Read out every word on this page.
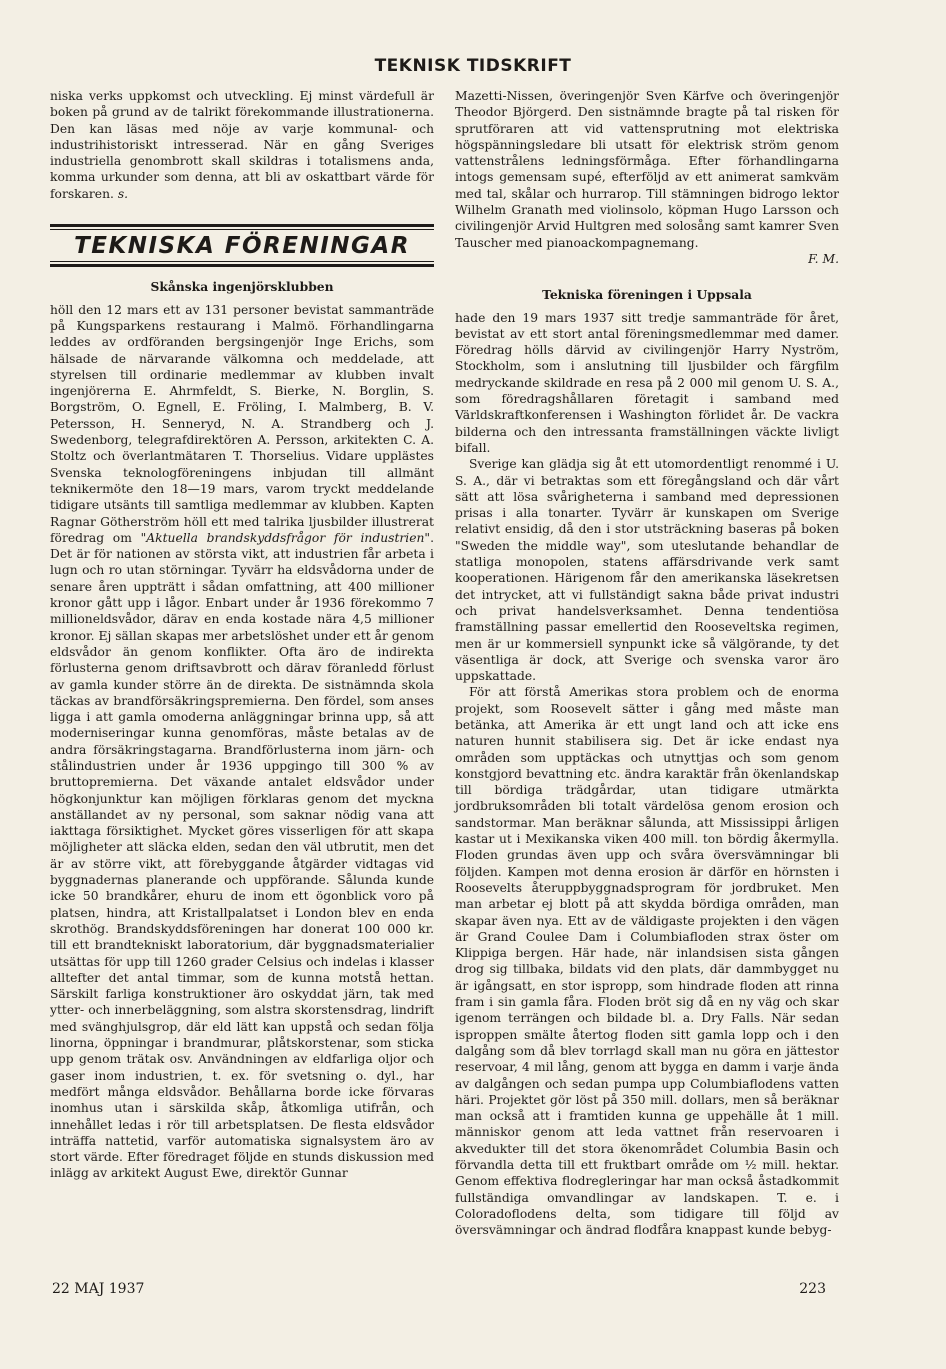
TEKNISK TIDSKRIFT

niska verks uppkomst och utveckling. Ej minst värdefull är boken på grund av de talrikt förekommande illustrationerna. Den kan läsas med nöje av varje kommunal- och industrihistoriskt intresserad. När en gång Sveriges industriella genombrott skall skildras i totalismens anda, komma urkunder som denna, att bli av oskattbart värde för forskaren. s.

TEKNISKA FÖRENINGAR
Skånska ingenjörsklubben

höll den 12 mars ett av 131 personer bevistat sammanträde på Kungsparkens restaurang i Malmö. Förhandlingarna leddes av ordföranden bergsingenjör Inge Erichs, som hälsade de närvarande välkomna och meddelade, att styrelsen till ordinarie medlemmar av klubben invalt ingenjörerna E. Ahrmfeldt, S. Bierke, N. Borglin, S. Borgström, O. Egnell, E. Fröling, I. Malmberg, B. V. Petersson, H. Senneryd, N. A. Strandberg och J. Swedenborg, telegrafdirektören A. Persson, arkitekten C. A. Stoltz och överlantmätaren T. Thorselius. Vidare upplästes Svenska teknologföreningens inbjudan till allmänt teknikermöte den 18—19 mars, varom tryckt meddelande tidigare utsänts till samtliga medlemmar av klubben. Kapten Ragnar Götherström höll ett med talrika ljusbilder illustrerat föredrag om "Aktuella brandskyddsfrågor för industrien". Det är för nationen av största vikt, att industrien får arbeta i lugn och ro utan störningar. Tyvärr ha eldsvådorna under de senare åren uppträtt i sådan omfattning, att 400 millioner kronor gått upp i lågor. Enbart under år 1936 förekommo 7 millioneldsvådor, därav en enda kostade nära 4,5 millioner kronor. Ej sällan skapas mer arbetslöshet under ett år genom eldsvådor än genom konflikter. Ofta äro de indirekta förlusterna genom driftsavbrott och därav föranledd förlust av gamla kunder större än de direkta. De sistnämnda skola täckas av brandförsäkringspremierna. Den fördel, som anses ligga i att gamla omoderna anläggningar brinna upp, så att moderniseringar kunna genomföras, måste betalas av de andra försäkringstagarna. Brandförlusterna inom järn- och stålindustrien under år 1936 uppgingo till 300 % av bruttopremierna. Det växande antalet eldsvådor under högkonjunktur kan möjligen förklaras genom det myckna anställandet av ny personal, som saknar nödig vana att iakttaga försiktighet. Mycket göres visserligen för att skapa möjligheter att släcka elden, sedan den väl utbrutit, men det är av större vikt, att förebyggande åtgärder vidtagas vid byggnadernas planerande och uppförande. Sålunda kunde icke 50 brandkårer, ehuru de inom ett ögonblick voro på platsen, hindra, att Kristallpalatset i London blev en enda skrothög. Brandskyddsföreningen har donerat 100 000 kr. till ett brandtekniskt laboratorium, där byggnadsmaterialier utsättas för upp till 1260 grader Celsius och indelas i klasser alltefter det antal timmar, som de kunna motstå hettan. Särskilt farliga konstruktioner äro oskyddat järn, tak med ytter- och innerbeläggning, som alstra skorstensdrag, lindrift med svänghjulsgrop, där eld lätt kan uppstå och sedan följa linorna, öppningar i brandmurar, plåtskorstenar, som sticka upp genom trätak osv. Användningen av eldfarliga oljor och gaser inom industrien, t. ex. för svetsning o. dyl., har medfört många eldsvådor. Behållarna borde icke förvaras inomhus utan i särskilda skåp, åtkomliga utifrån, och innehållet ledas i rör till arbetsplatsen. De flesta eldsvådor inträffa nattetid, varför automatiska signalsystem äro av stort värde. Efter föredraget följde en stunds diskussion med inlägg av arkitekt August Ewe, direktör Gunnar

Mazetti-Nissen, överingenjör Sven Kärfve och överingenjör Theodor Björgerd. Den sistnämnde bragte på tal risken för sprutföraren att vid vattensprutning mot elektriska högspänningsledare bli utsatt för elektrisk ström genom vattenstrålens ledningsförmåga. Efter förhandlingarna intogs gemensam supé, efterföljd av ett animerat samkväm med tal, skålar och hurrarop. Till stämningen bidrogo lektor Wilhelm Granath med violinsolo, köpman Hugo Larsson och civilingenjör Arvid Hultgren med solosång samt kamrer Sven Tauscher med pianoackompagnemang.

F. M.

Tekniska föreningen i Uppsala

hade den 19 mars 1937 sitt tredje sammanträde för året, bevistat av ett stort antal föreningsmedlemmar med damer. Föredrag hölls därvid av civilingenjör Harry Nyström, Stockholm, som i anslutning till ljusbilder och färgfilm medryckande skildrade en resa på 2 000 mil genom U. S. A., som föredragshållaren företagit i samband med Världskraftkonferensen i Washington förlidet år. De vackra bilderna och den intressanta framställningen väckte livligt bifall.

Sverige kan glädja sig åt ett utomordentligt renommé i U. S. A., där vi betraktas som ett föregångsland och där vårt sätt att lösa svårigheterna i samband med depressionen prisas i alla tonarter. Tyvärr är kunskapen om Sverige relativt ensidig, då den i stor utsträckning baseras på boken "Sweden the middle way", som uteslutande behandlar de statliga monopolen, statens affärsdrivande verk samt kooperationen. Härigenom får den amerikanska läsekretsen det intrycket, att vi fullständigt sakna både privat industri och privat handelsverksamhet. Denna tendentiösa framställning passar emellertid den Rooseveltska regimen, men är ur kommersiell synpunkt icke så välgörande, ty det väsentliga är dock, att Sverige och svenska varor äro uppskattade.

För att förstå Amerikas stora problem och de enorma projekt, som Roosevelt sätter i gång med måste man betänka, att Amerika är ett ungt land och att icke ens naturen hunnit stabilisera sig. Det är icke endast nya områden som upptäckas och utnyttjas och som genom konstgjord bevattning etc. ändra karaktär från ökenlandskap till bördiga trädgårdar, utan tidigare utmärkta jordbruksområden bli totalt värdelösa genom erosion och sandstormar. Man beräknar sålunda, att Mississippi årligen kastar ut i Mexikanska viken 400 mill. ton bördig åkermylla. Floden grundas även upp och svåra översvämningar bli följden. Kampen mot denna erosion är därför en hörnsten i Roosevelts återuppbyggnadsprogram för jordbruket. Men man arbetar ej blott på att skydda bördiga områden, man skapar även nya. Ett av de väldigaste projekten i den vägen är Grand Coulee Dam i Columbiafloden strax öster om Klippiga bergen. Här hade, när inlandsisen sista gången drog sig tillbaka, bildats vid den plats, där dammbygget nu är igångsatt, en stor ispropp, som hindrade floden att rinna fram i sin gamla fåra. Floden bröt sig då en ny väg och skar igenom terrängen och bildade bl. a. Dry Falls. När sedan isproppen smälte återtog floden sitt gamla lopp och i den dalgång som då blev torrlagd skall man nu göra en jättestor reservoar, 4 mil lång, genom att bygga en damm i varje ända av dalgången och sedan pumpa upp Columbiaflodens vatten häri. Projektet gör löst på 350 mill. dollars, men så beräknar man också att i framtiden kunna ge uppehälle åt 1 mill. människor genom att leda vattnet från reservoaren i akvedukter till det stora ökenområdet Columbia Basin och förvandla detta till ett fruktbart område om ½ mill. hektar. Genom effektiva flodregleringar har man också åstadkommit fullständiga omvandlingar av landskapen. T. e. i Coloradoflodens delta, som tidigare till följd av översvämningar och ändrad flodfåra knappast kunde bebyg-

22 MAJ 1937	223
